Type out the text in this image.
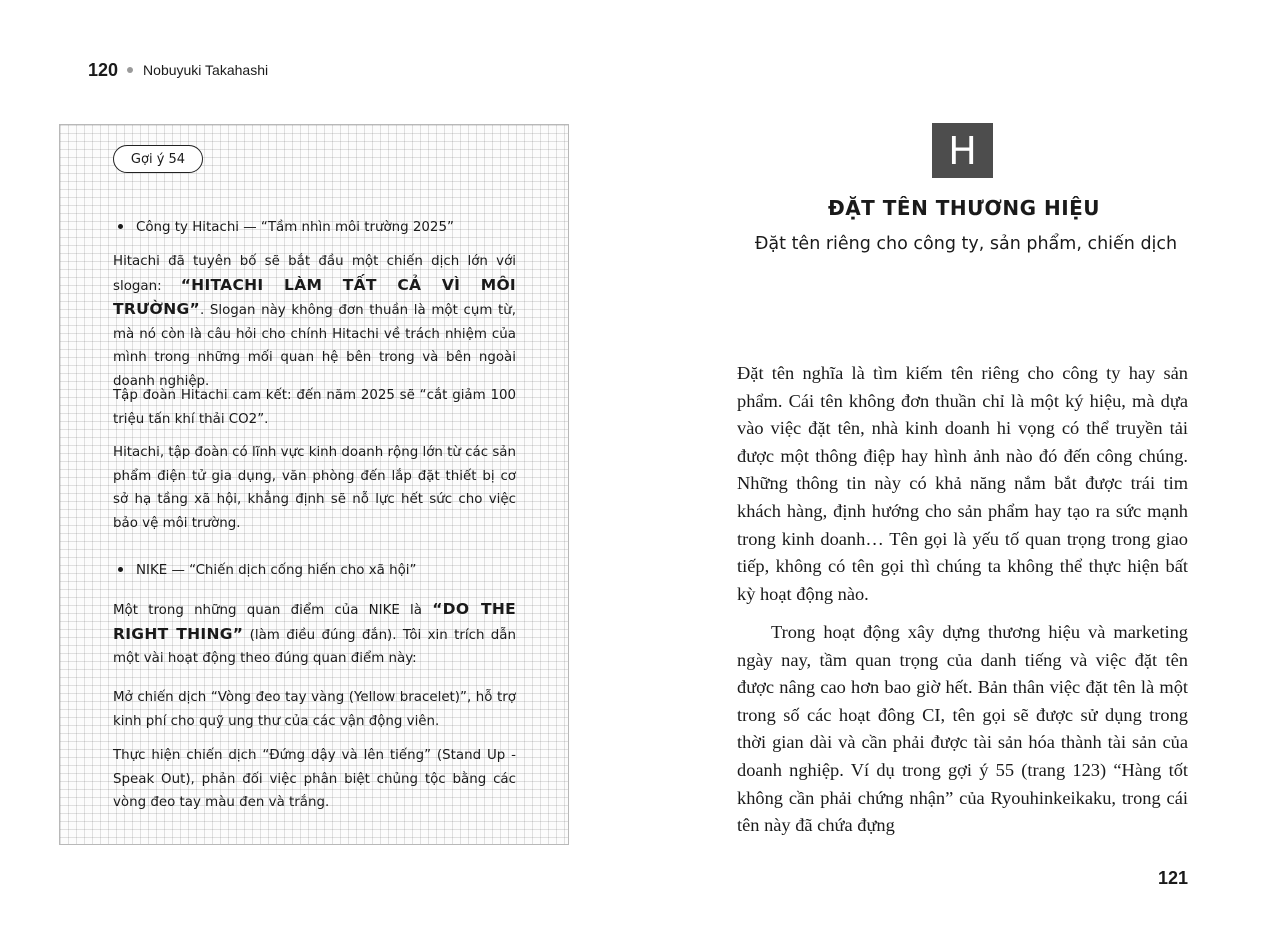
120 Nobuyuki Takahashi
Gợi ý 54

Công ty Hitachi — “Tầm nhìn môi trường 2025”

Hitachi đã tuyên bố sẽ bắt đầu một chiến dịch lớn với slogan: “HITACHI LÀM TẤT CẢ VÌ MÔI TRƯỜNG”. Slogan này không đơn thuần là một cụm từ, mà nó còn là câu hỏi cho chính Hitachi về trách nhiệm của mình trong những mối quan hệ bên trong và bên ngoài doanh nghiệp.

Tập đoàn Hitachi cam kết: đến năm 2025 sẽ “cắt giảm 100 triệu tấn khí thải CO2”.

Hitachi, tập đoàn có lĩnh vực kinh doanh rộng lớn từ các sản phẩm điện tử gia dụng, văn phòng đến lắp đặt thiết bị cơ sở hạ tầng xã hội, khẳng định sẽ nỗ lực hết sức cho việc bảo vệ môi trường.

NIKE — “Chiến dịch cống hiến cho xã hội”

Một trong những quan điểm của NIKE là “DO THE RIGHT THING” (làm điều đúng đắn). Tôi xin trích dẫn một vài hoạt động theo đúng quan điểm này:

Mở chiến dịch “Vòng đeo tay vàng (Yellow bracelet)”, hỗ trợ kinh phí cho quỹ ung thư của các vận động viên.

Thực hiện chiến dịch “Đứng dậy và lên tiếng” (Stand Up - Speak Out), phản đối việc phân biệt chủng tộc bằng các vòng đeo tay màu đen và trắng.

H
ĐẶT TÊN THƯƠNG HIỆU
Đặt tên riêng cho công ty, sản phẩm, chiến dịch

Đặt tên nghĩa là tìm kiếm tên riêng cho công ty hay sản phẩm. Cái tên không đơn thuần chỉ là một ký hiệu, mà dựa vào việc đặt tên, nhà kinh doanh hi vọng có thể truyền tải được một thông điệp hay hình ảnh nào đó đến công chúng. Những thông tin này có khả năng nắm bắt được trái tim khách hàng, định hướng cho sản phẩm hay tạo ra sức mạnh trong kinh doanh… Tên gọi là yếu tố quan trọng trong giao tiếp, không có tên gọi thì chúng ta không thể thực hiện bất kỳ hoạt động nào.

Trong hoạt động xây dựng thương hiệu và marketing ngày nay, tầm quan trọng của danh tiếng và việc đặt tên được nâng cao hơn bao giờ hết. Bản thân việc đặt tên là một trong số các hoạt đông CI, tên gọi sẽ được sử dụng trong thời gian dài và cần phải được tài sản hóa thành tài sản của doanh nghiệp. Ví dụ trong gợi ý 55 (trang 123) “Hàng tốt không cần phải chứng nhận” của Ryouhinkeikaku, trong cái tên này đã chứa đựng

121
